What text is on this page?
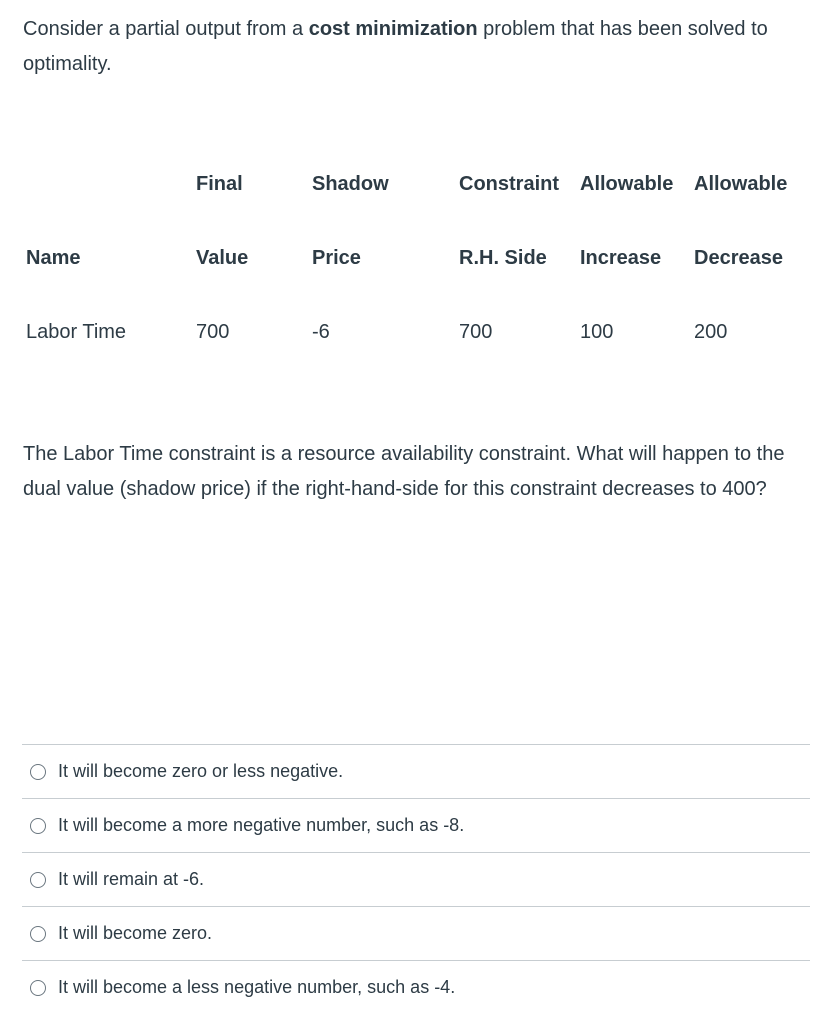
Consider a partial output from a cost minimization problem that has been solved to optimality.

	Final	Shadow	Constraint	Allowable	Allowable
Name	Value	Price	R.H. Side	Increase	Decrease
Labor Time	700	-6	700	100	200

The Labor Time constraint is a resource availability constraint. What will happen to the dual value (shadow price) if the right-hand-side for this constraint decreases to 400?

It will become zero or less negative.
It will become a more negative number, such as -8.
It will remain at -6.
It will become zero.
It will become a less negative number, such as -4.
